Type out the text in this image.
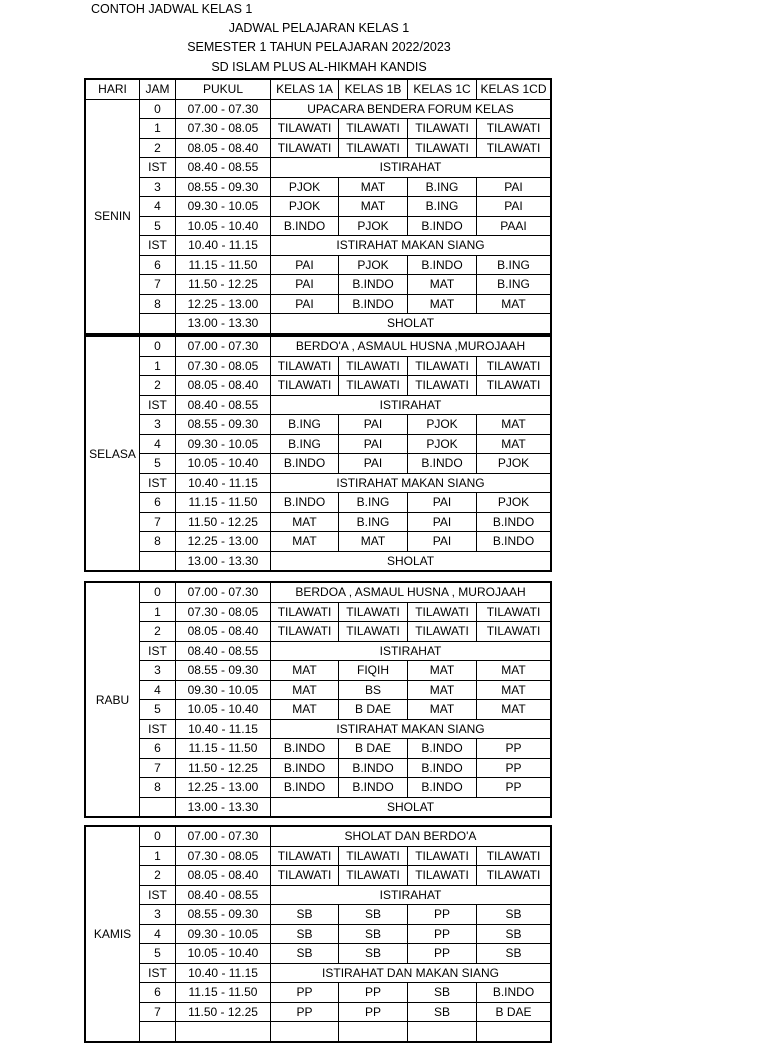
CONTOH JADWAL KELAS 1
JADWAL PELAJARAN KELAS 1
SEMESTER 1 TAHUN PELAJARAN 2022/2023
SD ISLAM PLUS AL-HIKMAH KANDIS
HARI	JAM	PUKUL	KELAS 1A	KELAS 1B	KELAS 1C	KELAS 1CD
SENIN	0	07.00 - 07.30	UPACARA BENDERA FORUM KELAS			
	1	07.30 - 08.05	TILAWATI	TILAWATI	TILAWATI	TILAWATI
	2	08.05 - 08.40	TILAWATI	TILAWATI	TILAWATI	TILAWATI
	IST	08.40 - 08.55	ISTIRAHAT			
	3	08.55 - 09.30	PJOK	MAT	B.ING	PAI
	4	09.30 - 10.05	PJOK	MAT	B.ING	PAI
	5	10.05 - 10.40	B.INDO	PJOK	B.INDO	PAAI
	IST	10.40 - 11.15	ISTIRAHAT MAKAN SIANG			
	6	11.15 - 11.50	PAI	PJOK	B.INDO	B.ING
	7	11.50 - 12.25	PAI	B.INDO	MAT	B.ING
	8	12.25 - 13.00	PAI	B.INDO	MAT	MAT
		13.00 - 13.30	SHOLAT			
SELASA	0	07.00 - 07.30	BERDO'A , ASMAUL HUSNA ,MUROJAAH			
	1	07.30 - 08.05	TILAWATI	TILAWATI	TILAWATI	TILAWATI
	2	08.05 - 08.40	TILAWATI	TILAWATI	TILAWATI	TILAWATI
	IST	08.40 - 08.55	ISTIRAHAT			
	3	08.55 - 09.30	B.ING	PAI	PJOK	MAT
	4	09.30 - 10.05	B.ING	PAI	PJOK	MAT
	5	10.05 - 10.40	B.INDO	PAI	B.INDO	PJOK
	IST	10.40 - 11.15	ISTIRAHAT MAKAN SIANG			
	6	11.15 - 11.50	B.INDO	B.ING	PAI	PJOK
	7	11.50 - 12.25	MAT	B.ING	PAI	B.INDO
	8	12.25 - 13.00	MAT	MAT	PAI	B.INDO
		13.00 - 13.30	SHOLAT			
RABU	0	07.00 - 07.30	BERDOA , ASMAUL HUSNA , MUROJAAH			
	1	07.30 - 08.05	TILAWATI	TILAWATI	TILAWATI	TILAWATI
	2	08.05 - 08.40	TILAWATI	TILAWATI	TILAWATI	TILAWATI
	IST	08.40 - 08.55	ISTIRAHAT			
	3	08.55 - 09.30	MAT	FIQIH	MAT	MAT
	4	09.30 - 10.05	MAT	BS	MAT	MAT
	5	10.05 - 10.40	MAT	B DAE	MAT	MAT
	IST	10.40 - 11.15	ISTIRAHAT MAKAN SIANG			
	6	11.15 - 11.50	B.INDO	B DAE	B.INDO	PP
	7	11.50 - 12.25	B.INDO	B.INDO	B.INDO	PP
	8	12.25 - 13.00	B.INDO	B.INDO	B.INDO	PP
		13.00 - 13.30	SHOLAT			
KAMIS	0	07.00 - 07.30	SHOLAT DAN BERDO'A			
	1	07.30 - 08.05	TILAWATI	TILAWATI	TILAWATI	TILAWATI
	2	08.05 - 08.40	TILAWATI	TILAWATI	TILAWATI	TILAWATI
	IST	08.40 - 08.55	ISTIRAHAT			
	3	08.55 - 09.30	SB	SB	PP	SB
	4	09.30 - 10.05	SB	SB	PP	SB
	5	10.05 - 10.40	SB	SB	PP	SB
	IST	10.40 - 11.15	ISTIRAHAT DAN MAKAN SIANG			
	6	11.15 - 11.50	PP	PP	SB	B.INDO
	7	11.50 - 12.25	PP	PP	SB	B DAE
